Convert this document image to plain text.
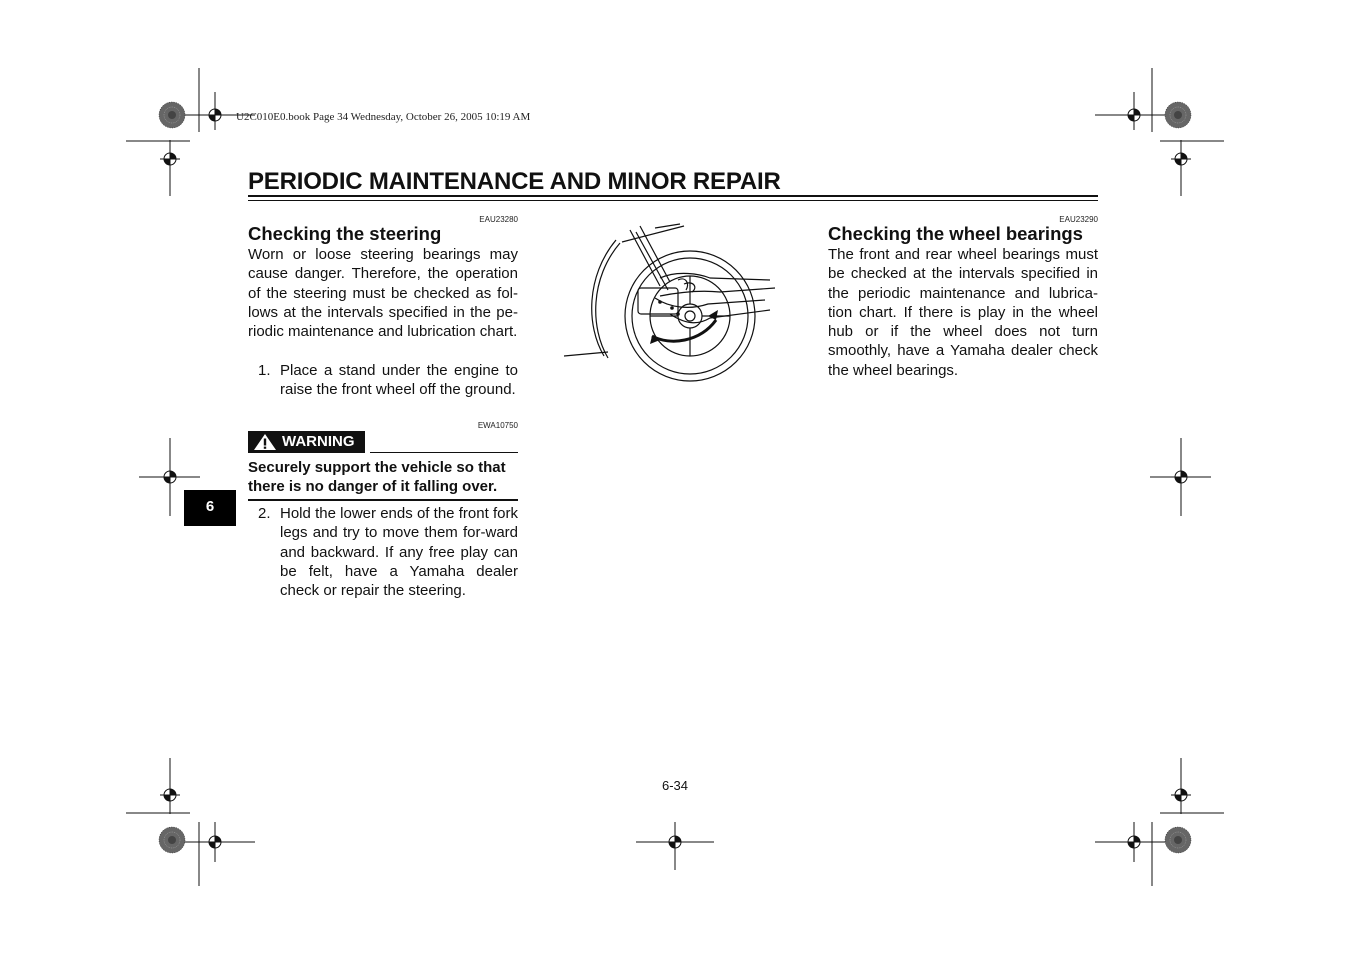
U2C010E0.book Page 34 Wednesday, October 26, 2005 10:19 AM
PERIODIC MAINTENANCE AND MINOR REPAIR
6
EAU23280
Checking the steering
Worn or loose steering bearings may cause danger. Therefore, the operation of the steering must be checked as fol-lows at the intervals specified in the pe-riodic maintenance and lubrication chart.
1. Place a stand under the engine to raise the front wheel off the ground.
EWA10750
WARNING
Securely support the vehicle so that there is no danger of it falling over.
2. Hold the lower ends of the front fork legs and try to move them for-ward and backward. If any free play can be felt, have a Yamaha dealer check or repair the steering.
EAU23290
Checking the wheel bearings
The front and rear wheel bearings must be checked at the intervals specified in the periodic maintenance and lubrica-tion chart. If there is play in the wheel hub or if the wheel does not turn smoothly, have a Yamaha dealer check the wheel bearings.
6-34
